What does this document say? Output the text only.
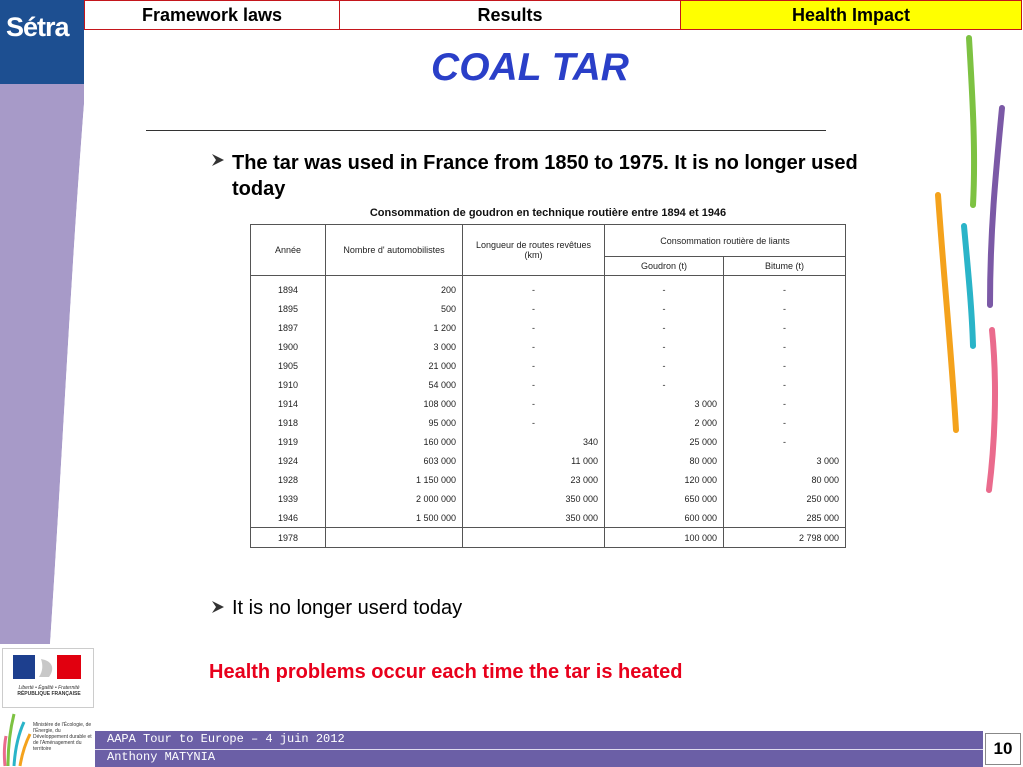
Sétra	Framework laws	Results	Health Impact
COAL TAR
The tar was used in France from 1850 to 1975. It is no longer used today
Consommation de goudron en technique routière entre 1894 et 1946
Année	Nombre d' automobilistes	Longueur de routes revêtues (km)	Consommation routière de liants	
			Goudron (t)	Bitume (t)
1894	200	-	-	-
1895	500	-	-	-
1897	1 200	-	-	-
1900	3 000	-	-	-
1905	21 000	-	-	-
1910	54 000	-	-	-
1914	108 000	-	3 000	-
1918	95 000	-	2 000	-
1919	160 000	340	25 000	-
1924	603 000	11 000	80 000	3 000
1928	1 150 000	23 000	120 000	80 000
1939	2 000 000	350 000	650 000	250 000
1946	1 500 000	350 000	600 000	285 000
1978			100 000	2 798 000
It is no longer userd today
Health problems occur each time the tar is heated
Liberté • Égalité • Fraternité
RÉPUBLIQUE FRANÇAISE
Ministère de l'Écologie, de l'Énergie, du Développement durable et de l'Aménagement du territoire
AAPA Tour to Europe – 4 juin 2012
Anthony MATYNIA	10
